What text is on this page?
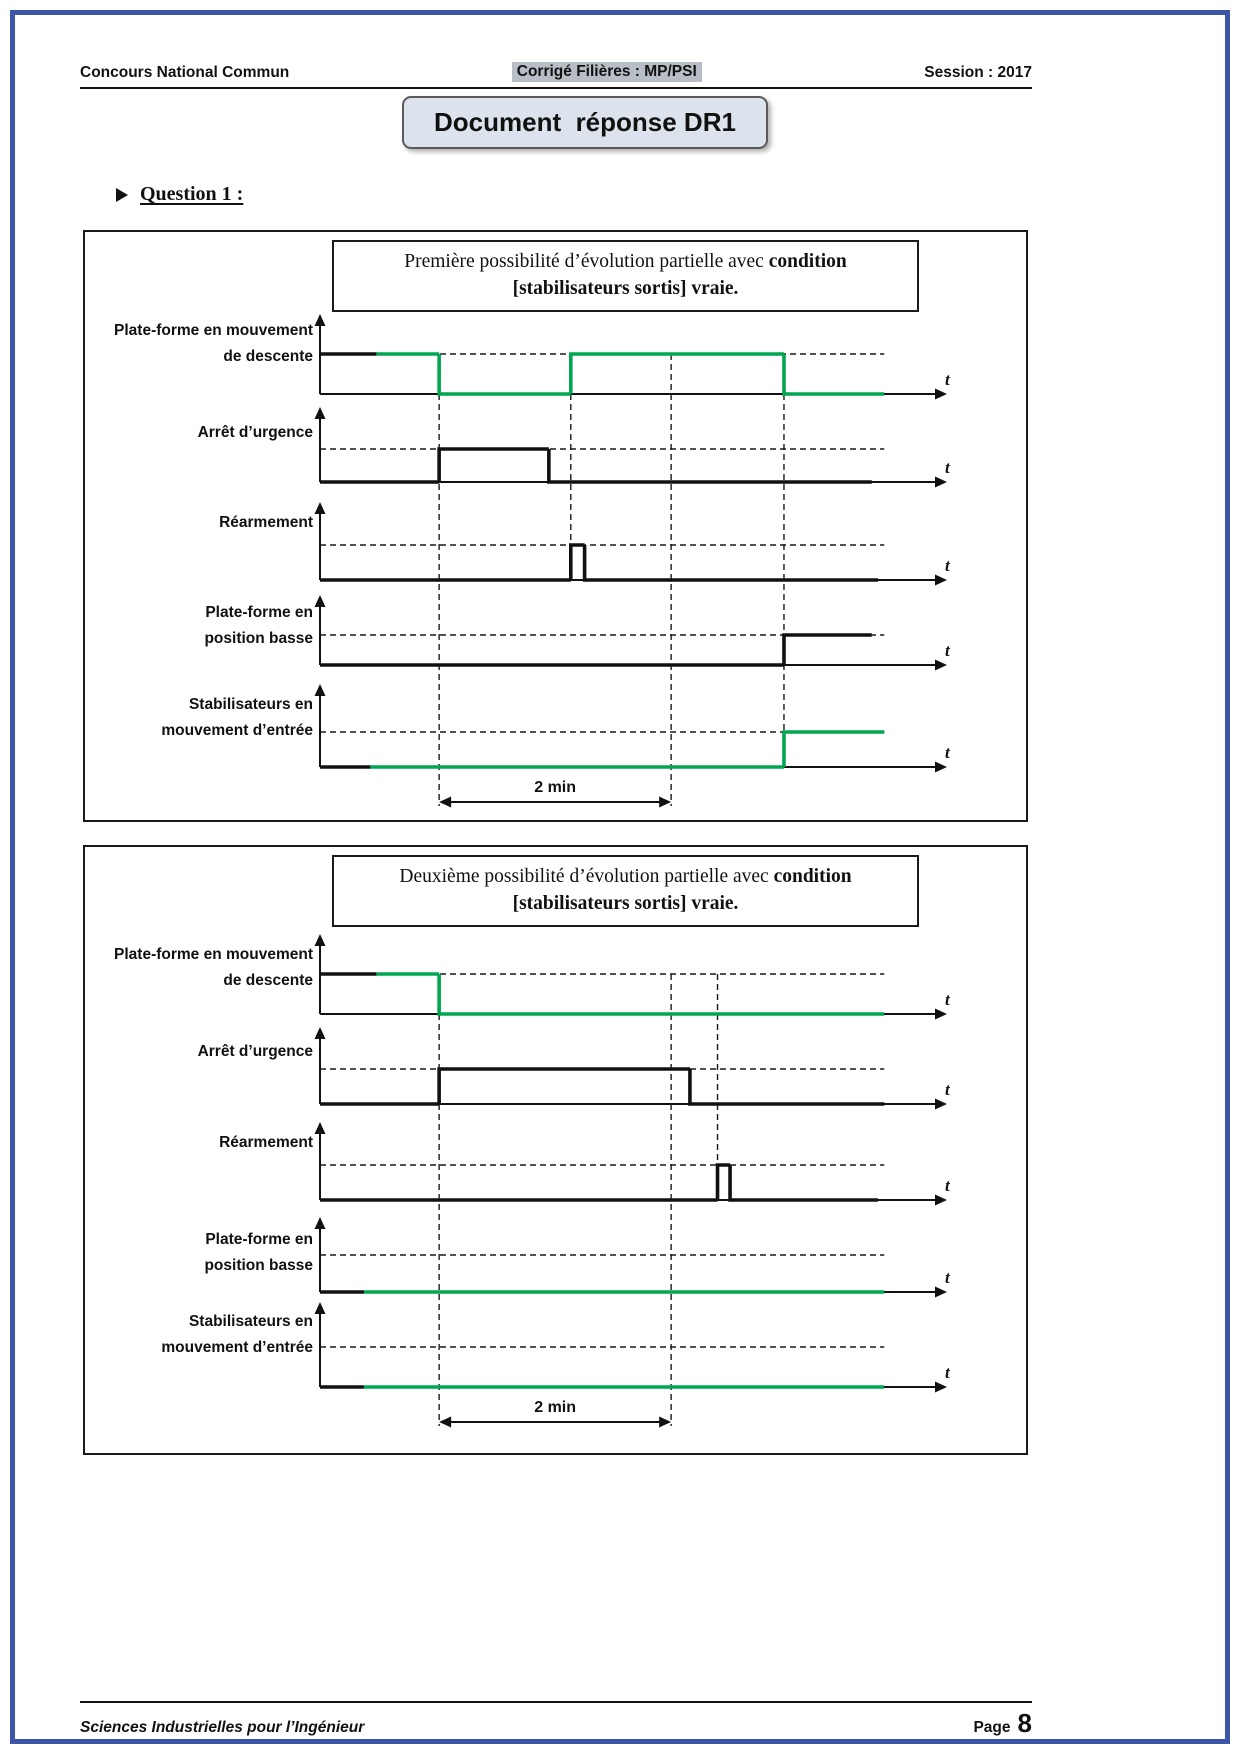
Concours National Commun	Corrigé Filières : MP/PSI	Session : 2017
Document  réponse DR1
Question 1 :
t
t
t
t
t
2 min
Première possibilité d’évolution partielle avec condition
[stabilisateurs sortis] vraie.
Plate-forme en mouvement
de descente
Arrêt d’urgence
Réarmement
Plate-forme en
position basse
Stabilisateurs en
mouvement d’entrée
t
t
t
t
t
2 min
Deuxième possibilité d’évolution partielle avec condition
[stabilisateurs sortis] vraie.
Plate-forme en mouvement
de descente
Arrêt d’urgence
Réarmement
Plate-forme en
position basse
Stabilisateurs en
mouvement d’entrée
Sciences Industrielles pour l’Ingénieur	Page 8
